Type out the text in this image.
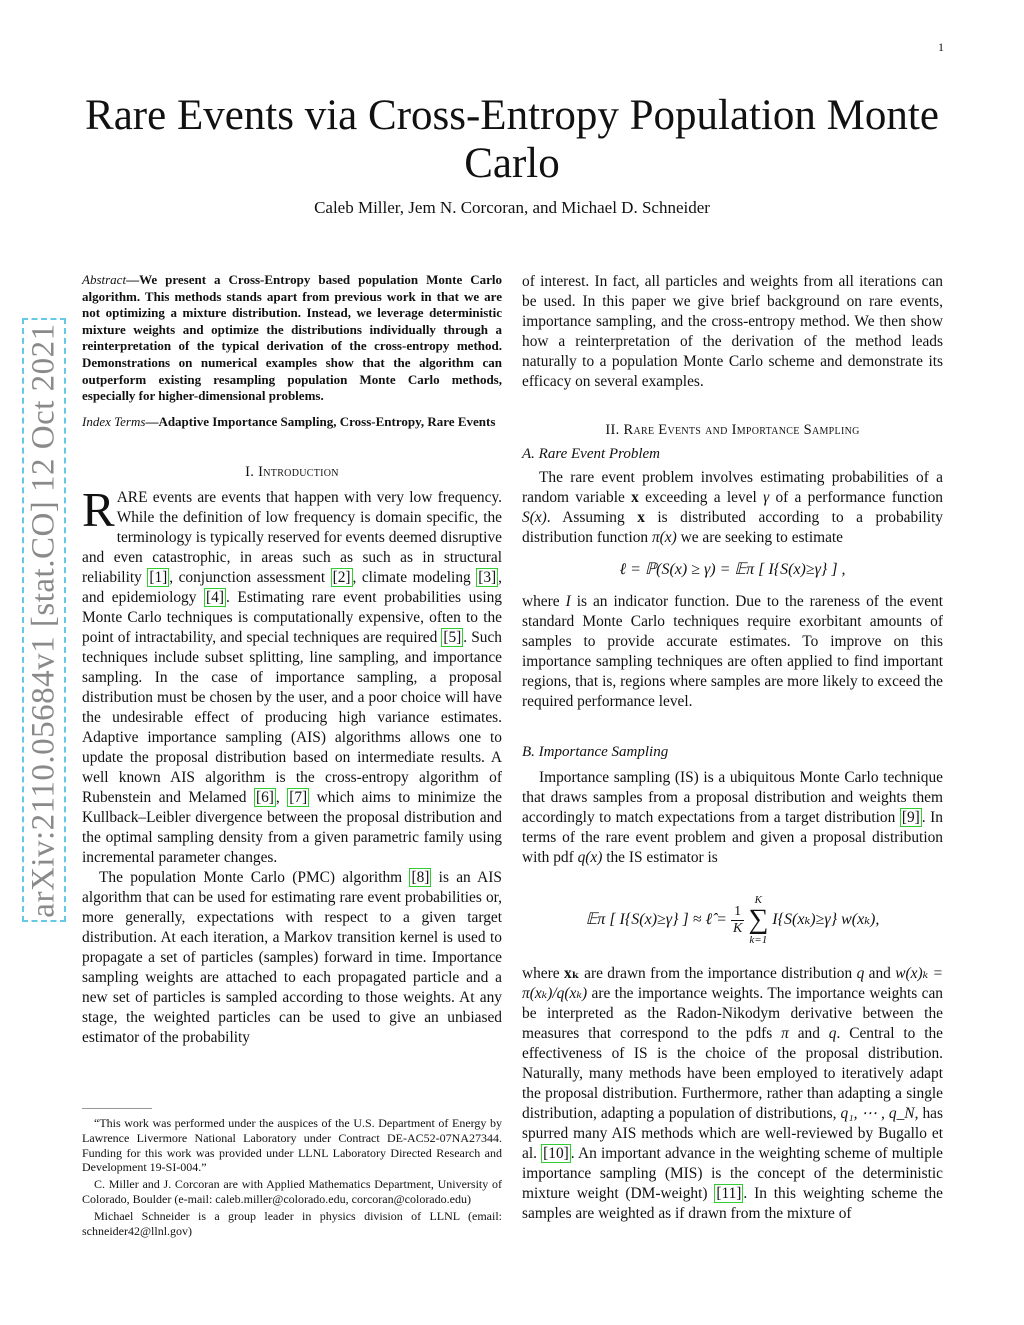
1
arXiv:2110.05684v1 [stat.CO] 12 Oct 2021
Rare Events via Cross-Entropy Population Monte Carlo
Caleb Miller, Jem N. Corcoran, and Michael D. Schneider
Abstract—We present a Cross-Entropy based population Monte Carlo algorithm. This methods stands apart from previous work in that we are not optimizing a mixture distribution. Instead, we leverage deterministic mixture weights and optimize the distributions individually through a reinterpretation of the typical derivation of the cross-entropy method. Demonstrations on numerical examples show that the algorithm can outperform existing resampling population Monte Carlo methods, especially for higher-dimensional problems.
Index Terms—Adaptive Importance Sampling, Cross-Entropy, Rare Events
I. Introduction

RARE events are events that happen with very low frequency. While the definition of low frequency is domain specific, the terminology is typically reserved for events deemed disruptive and even catastrophic, in areas such as such as in structural reliability [1] , conjunction assessment [2] , climate modeling [3] , and epidemiology [4] . Estimating rare event probabilities using Monte Carlo techniques is computationally expensive, often to the point of intractability, and special techniques are required [5] . Such techniques include subset splitting, line sampling, and importance sampling. In the case of importance sampling, a proposal distribution must be chosen by the user, and a poor choice will have the undesirable effect of producing high variance estimates. Adaptive importance sampling (AIS) algorithms allows one to update the proposal distribution based on intermediate results. A well known AIS algorithm is the cross-entropy algorithm of Rubenstein and Melamed [6] , [7] which aims to minimize the Kullback–Leibler divergence between the proposal distribution and the optimal sampling density from a given parametric family using incremental parameter changes.

The population Monte Carlo (PMC) algorithm [8] is an AIS algorithm that can be used for estimating rare event probabilities or, more generally, expectations with respect to a given target distribution. At each iteration, a Markov transition kernel is used to propagate a set of particles (samples) forward in time. Importance sampling weights are attached to each propagated particle and a new set of particles is sampled according to those weights. At any stage, the weighted particles can be used to give an unbiased estimator of the probability

“This work was performed under the auspices of the U.S. Department of Energy by Lawrence Livermore National Laboratory under Contract DE-AC52-07NA27344. Funding for this work was provided under LLNL Laboratory Directed Research and Development 19-SI-004.”

C. Miller and J. Corcoran are with Applied Mathematics Department, University of Colorado, Boulder (e-mail: caleb.miller@colorado.edu, corcoran@colorado.edu)

Michael Schneider is a group leader in physics division of LLNL (email: schneider42@llnl.gov)

of interest. In fact, all particles and weights from all iterations can be used. In this paper we give brief background on rare events, importance sampling, and the cross-entropy method. We then show how a reinterpretation of the derivation of the method leads naturally to a population Monte Carlo scheme and demonstrate its efficacy on several examples.

II. Rare Events and Importance Sampling
A. Rare Event Problem

The rare event problem involves estimating probabilities of a random variable x exceeding a level γ of a performance function S(x). Assuming x is distributed according to a probability distribution function π(x) we are seeking to estimate

ℓ = ℙ(S(x) ≥ γ) = 𝔼π [ I{S(x)≥γ} ] ,

where I is an indicator function. Due to the rareness of the event standard Monte Carlo techniques require exorbitant amounts of samples to provide accurate estimates. To improve on this importance sampling techniques are often applied to find important regions, that is, regions where samples are more likely to exceed the required performance level.

B. Importance Sampling

Importance sampling (IS) is a ubiquitous Monte Carlo technique that draws samples from a proposal distribution and weights them accordingly to match expectations from a target distribution [9] . In terms of the rare event problem and given a proposal distribution with pdf q(x) the IS estimator is

𝔼π [ I{S(x)≥γ} ] ≈ ℓ̂ = $\frac{1}{K}$
K
∑
k=1
I{S(xₖ)≥γ} w(xₖ),

where xₖ are drawn from the importance distribution q and w(x)ₖ = π(xₖ)/q(xₖ) are the importance weights. The importance weights can be interpreted as the Radon-Nikodym derivative between the measures that correspond to the pdfs π and q. Central to the effectiveness of IS is the choice of the proposal distribution. Naturally, many methods have been employed to iteratively adapt the proposal distribution. Furthermore, rather than adapting a single distribution, adapting a population of distributions, q₁, ⋯ , q_N, has spurred many AIS methods which are well-reviewed by Bugallo et al. [10] . An important advance in the weighting scheme of multiple importance sampling (MIS) is the concept of the deterministic mixture weight (DM-weight) [11] . In this weighting scheme the samples are weighted as if drawn from the mixture of
